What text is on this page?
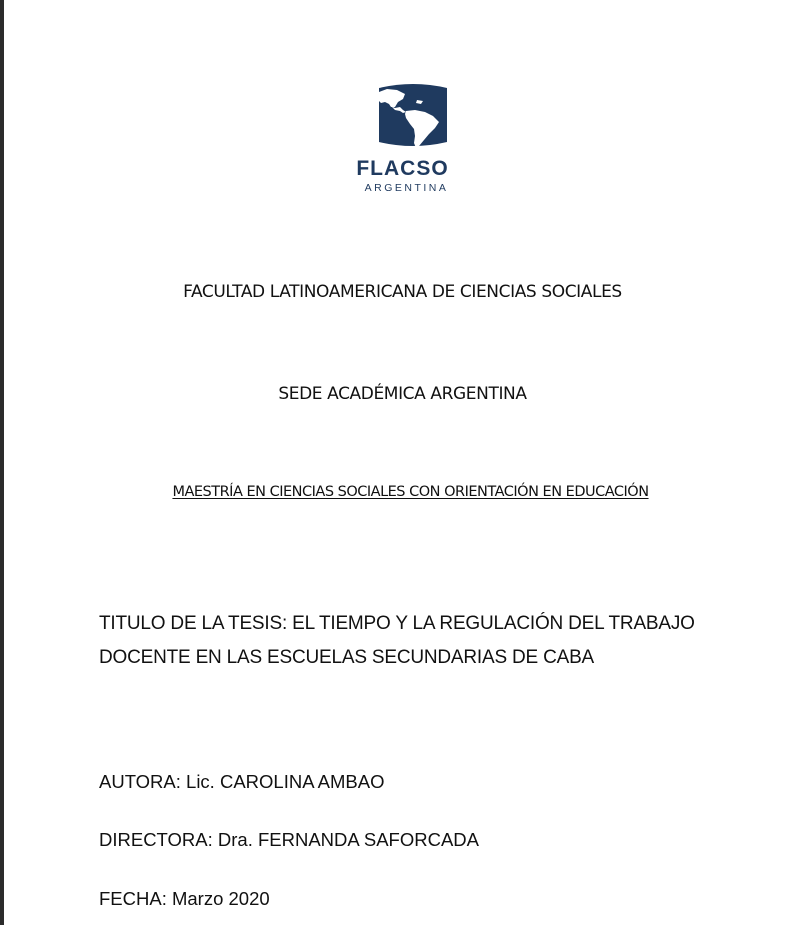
FLACSO
ARGENTINA
FACULTAD LATINOAMERICANA DE CIENCIAS SOCIALES
SEDE ACADÉMICA ARGENTINA
MAESTRÍA EN CIENCIAS SOCIALES CON ORIENTACIÓN EN EDUCACIÓN
TITULO DE LA TESIS: EL TIEMPO Y LA REGULACIÓN DEL TRABAJO
DOCENTE EN LAS ESCUELAS SECUNDARIAS DE CABA
AUTORA: Lic. CAROLINA AMBAO
DIRECTORA: Dra. FERNANDA SAFORCADA
FECHA: Marzo 2020
